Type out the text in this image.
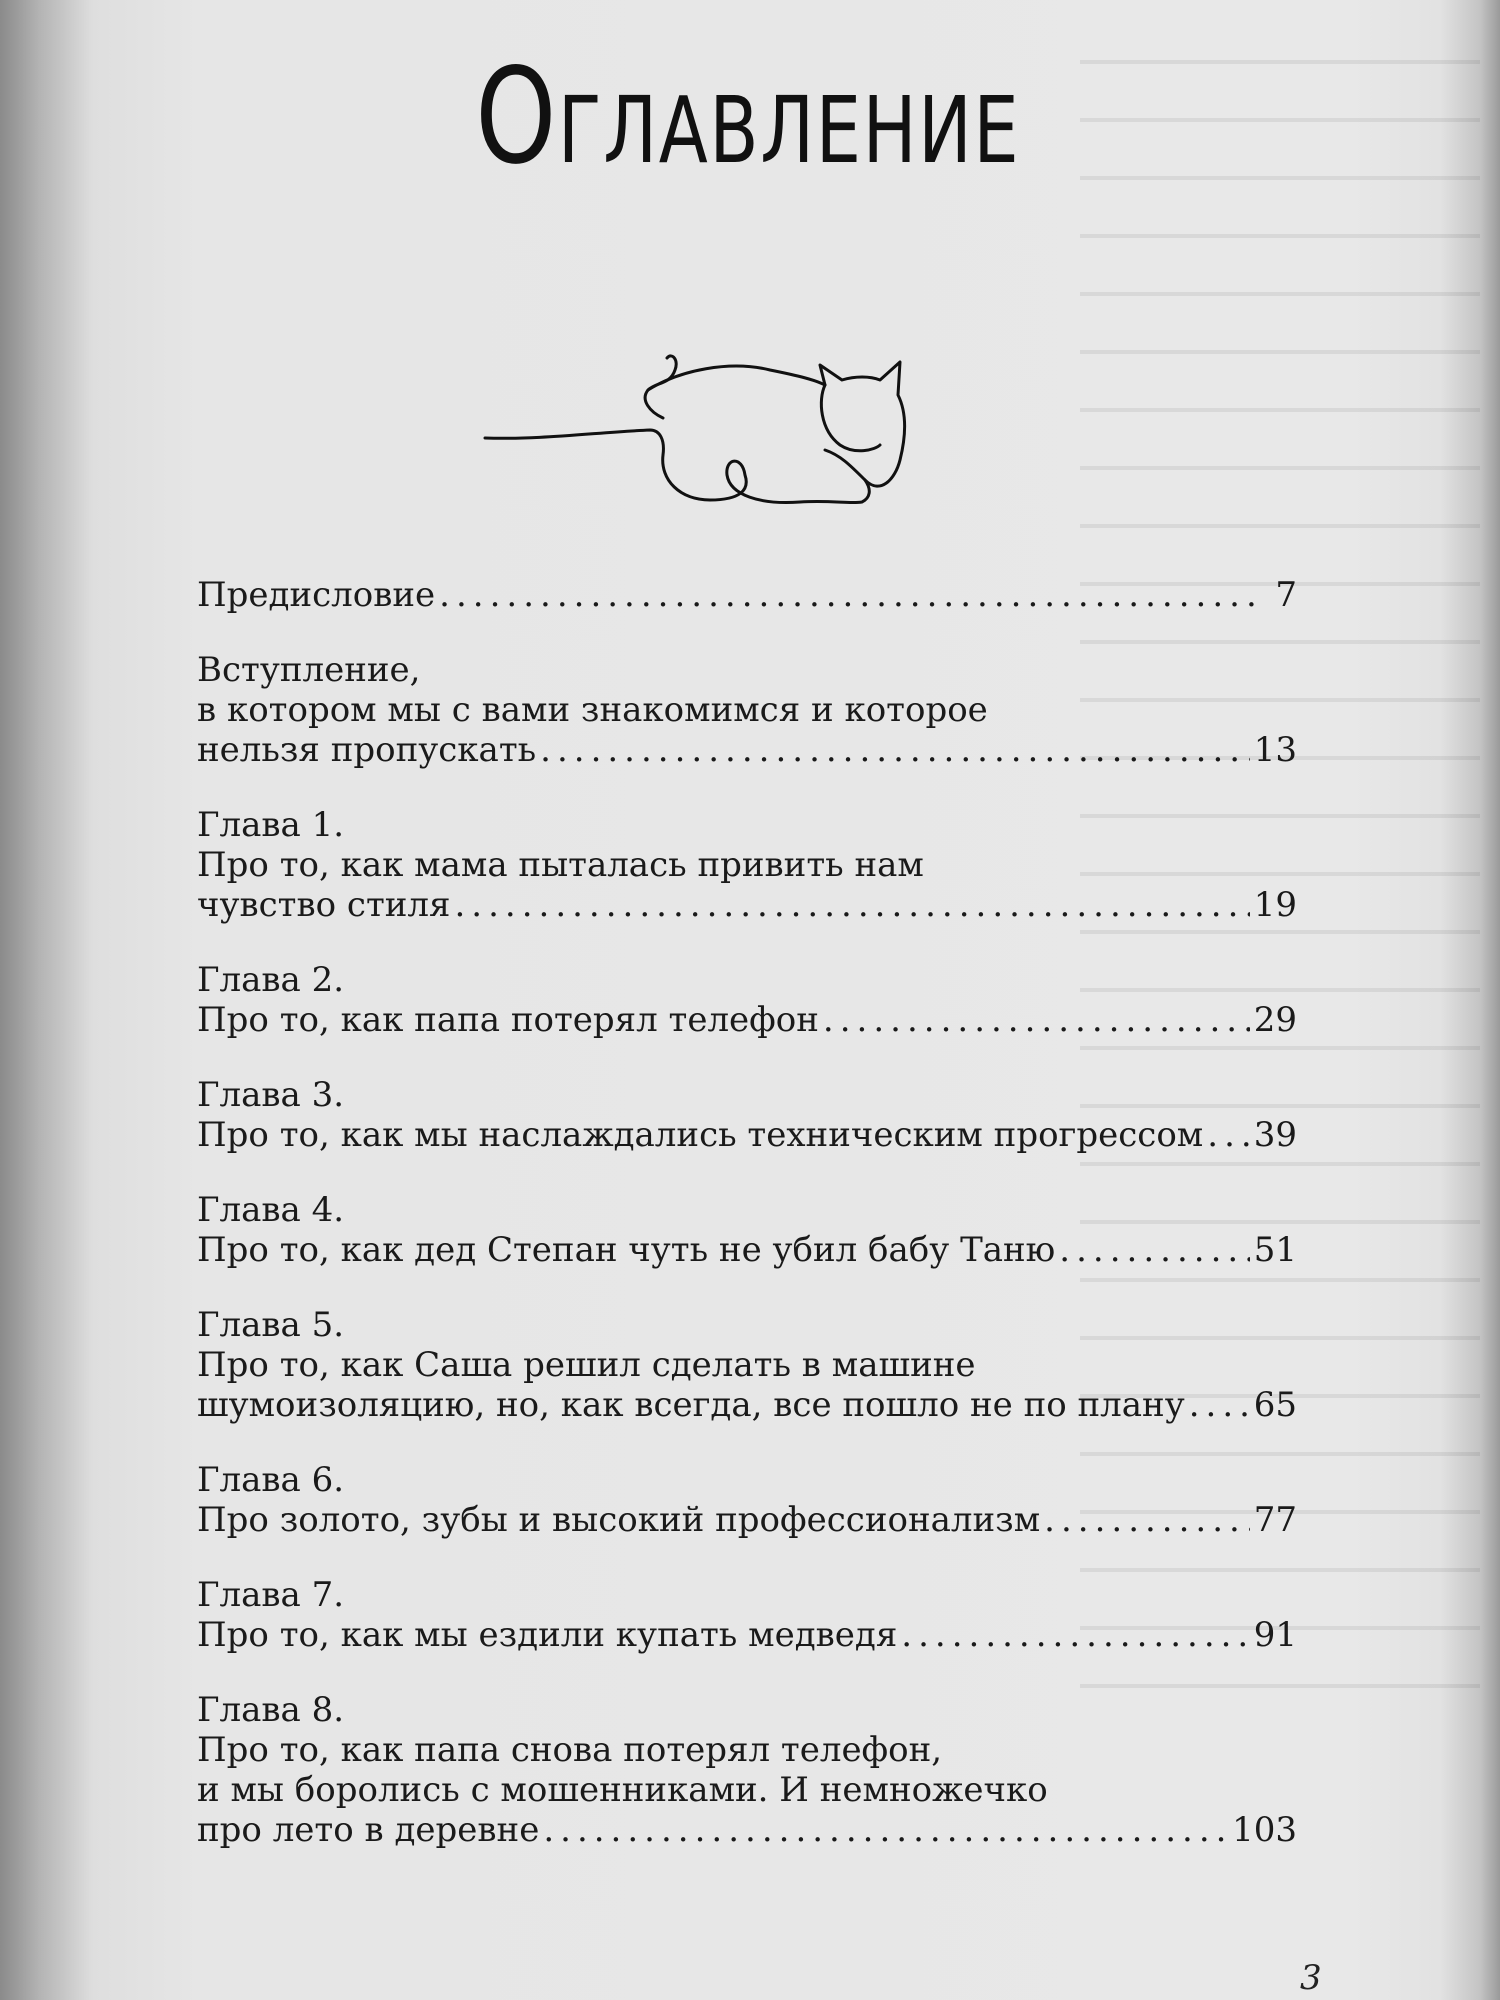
Оглавление
Предисловие .....	7
Вступление,
в котором мы с вами знакомимся и которое
нельзя пропускать .....	13
Глава 1.
Про то, как мама пыталась привить нам
чувство стиля .....	19
Глава 2.
Про то, как папа потерял телефон .....	29
Глава 3.
Про то, как мы наслаждались техническим прогрессом ..... 39
Глава 4.
Про то, как дед Степан чуть не убил бабу Таню .....	51
Глава 5.
Про то, как Саша решил сделать в машине
шумоизоляцию, но, как всегда, все пошло не по плану ..... 65
Глава 6.
Про золото, зубы и высокий профессионализм .....	77
Глава 7.
Про то, как мы ездили купать медведя .....	91
Глава 8.
Про то, как папа снова потерял телефон,
и мы боролись с мошенниками. И немножечко
про лето в деревне .....	103
3
